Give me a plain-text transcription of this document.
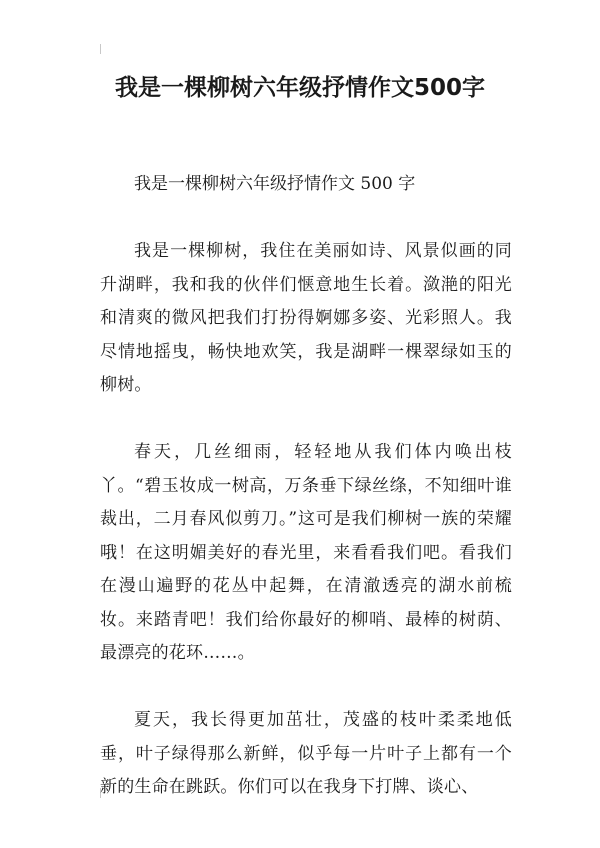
我是一棵柳树六年级抒情作文500字

我是一棵柳树六年级抒情作文 500 字

我是一棵柳树，我住在美丽如诗、风景似画的同升湖畔，我和我的伙伴们惬意地生长着。潋滟的阳光和清爽的微风把我们打扮得婀娜多姿、光彩照人。我尽情地摇曳，畅快地欢笑，我是湖畔一棵翠绿如玉的柳树。

春天，几丝细雨，轻轻地从我们体内唤出枝丫。“碧玉妆成一树高，万条垂下绿丝绦，不知细叶谁裁出，二月春风似剪刀。”这可是我们柳树一族的荣耀哦！在这明媚美好的春光里，来看看我们吧。看我们在漫山遍野的花丛中起舞，在清澈透亮的湖水前梳妆。来踏青吧！我们给你最好的柳哨、最棒的树荫、最漂亮的花环……。

夏天，我长得更加茁壮，茂盛的枝叶柔柔地低垂，叶子绿得那么新鲜，似乎每一片叶子上都有一个新的生命在跳跃。你们可以在我身下打牌、谈心、
